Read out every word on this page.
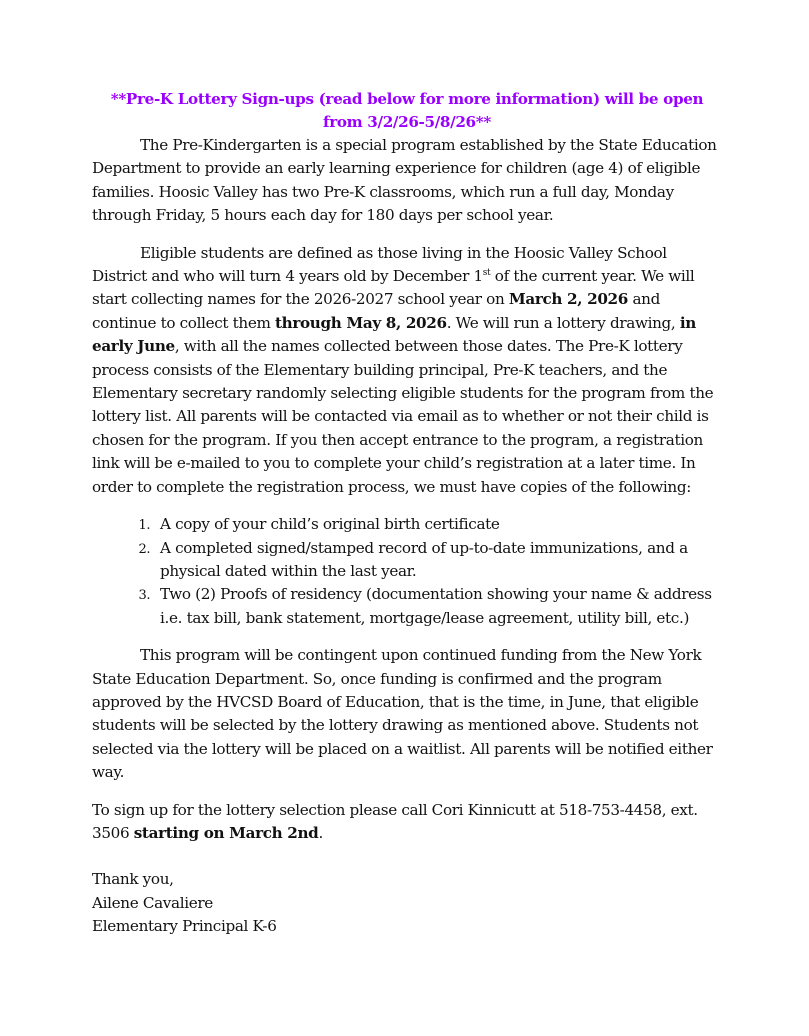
**Pre-K Lottery Sign-ups (read below for more information) will be open from 3/2/26-5/8/26**

The Pre-Kindergarten is a special program established by the State Education Department to provide an early learning experience for children (age 4) of eligible families. Hoosic Valley has two Pre-K classrooms, which run a full day, Monday through Friday, 5 hours each day for 180 days per school year.

Eligible students are defined as those living in the Hoosic Valley School District and who will turn 4 years old by December 1st of the current year. We will start collecting names for the 2026-2027 school year on March 2, 2026 and continue to collect them through May 8, 2026. We will run a lottery drawing, in early June, with all the names collected between those dates. The Pre-K lottery process consists of the Elementary building principal, Pre-K teachers, and the Elementary secretary randomly selecting eligible students for the program from the lottery list. All parents will be contacted via email as to whether or not their child is chosen for the program. If you then accept entrance to the program, a registration link will be e-mailed to you to complete your child’s registration at a later time. In order to complete the registration process, we must have copies of the following:

1. A copy of your child’s original birth certificate
2. A completed signed/stamped record of up-to-date immunizations, and a physical dated within the last year.
3. Two (2) Proofs of residency (documentation showing your name & address i.e. tax bill, bank statement, mortgage/lease agreement, utility bill, etc.)

This program will be contingent upon continued funding from the New York State Education Department. So, once funding is confirmed and the program approved by the HVCSD Board of Education, that is the time, in June, that eligible students will be selected by the lottery drawing as mentioned above. Students not selected via the lottery will be placed on a waitlist. All parents will be notified either way.

To sign up for the lottery selection please call Cori Kinnicutt at 518-753-4458, ext. 3506 starting on March 2nd.

Thank you,

Ailene Cavaliere

Elementary Principal K-6
